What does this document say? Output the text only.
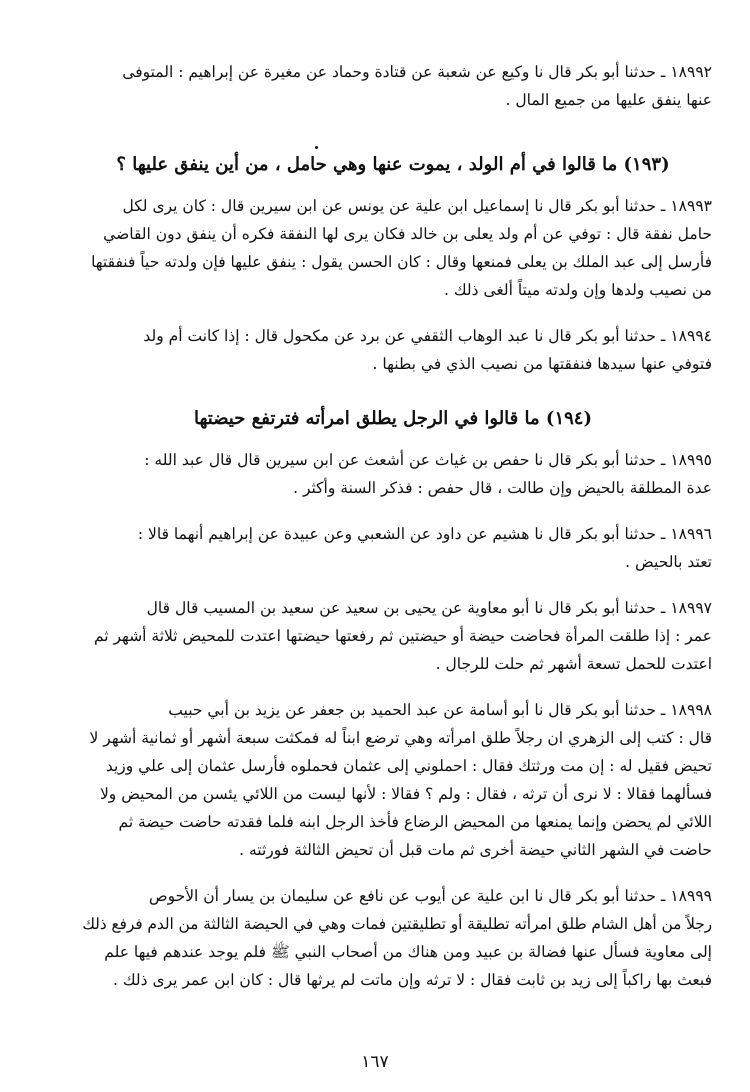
١٨٩٩٢ ـ حدثنا أبو بكر قال نا وكيع عن شعبة عن قتادة وحماد عن مغيرة عن إبراهيم : المتوفى
عنها ينفق عليها من جميع المال .

(١٩٣) ما قالوا في أم الولد ، يموت عنها وهي حامل ، من أين ينفق عليها ؟

١٨٩٩٣ ـ حدثنا أبو بكر قال نا إسماعيل ابن علية عن يونس عن ابن سيرين قال : كان يرى لكل
حامل نفقة قال : توفي عن أم ولد يعلى بن خالد فكان يرى لها النفقة فكره أن ينفق دون القاضي
فأرسل إلى عبد الملك بن يعلى فمنعها وقال : كان الحسن يقول : ينفق عليها فإن ولدته حياً فنفقتها
من نصيب ولدها وإن ولدته ميتاً ألغى ذلك .

١٨٩٩٤ ـ حدثنا أبو بكر قال نا عبد الوهاب الثقفي عن برد عن مكحول قال : إذا كانت أم ولد
فتوفي عنها سيدها فنفقتها من نصيب الذي في بطنها .

(١٩٤) ما قالوا في الرجل يطلق امرأته فترتفع حيضتها

١٨٩٩٥ ـ حدثنا أبو بكر قال نا حفص بن غياث عن أشعث عن ابن سيرين قال قال عبد الله :
عدة المطلقة بالحيض وإن طالت ، قال حفص : فذكر السنة وأكثر .

١٨٩٩٦ ـ حدثنا أبو بكر قال نا هشيم عن داود عن الشعبي وعن عبيدة عن إبراهيم أنهما قالا :
تعتد بالحيض .

١٨٩٩٧ ـ حدثنا أبو بكر قال نا أبو معاوية عن يحيى بن سعيد عن سعيد بن المسيب قال قال
عمر : إذا طلقت المرأة فحاضت حيضة أو حيضتين ثم رفعتها حيضتها اعتدت للمحيض ثلاثة أشهر ثم
اعتدت للحمل تسعة أشهر ثم حلت للرجال .

١٨٩٩٨ ـ حدثنا أبو بكر قال نا أبو أسامة عن عبد الحميد بن جعفر عن يزيد بن أبي حبيب
قال : كتب إلى الزهري ان رجلاً طلق امرأته وهي ترضع ابناً له فمكثت سبعة أشهر أو ثمانية أشهر لا
تحيض فقيل له : إن مت ورثتك فقال : احملوني إلى عثمان فحملوه فأرسل عثمان إلى علي وزيد
فسألهما فقالا : لا نرى أن ترثه ، فقال : ولم ؟ فقالا : لأنها ليست من اللائي يئسن من المحيض ولا
اللائي لم يحضن وإنما يمنعها من المحيض الرضاع فأخذ الرجل ابنه فلما فقدته حاضت حيضة ثم
حاضت في الشهر الثاني حيضة أخرى ثم مات قبل أن تحيض الثالثة فورثته .

١٨٩٩٩ ـ حدثنا أبو بكر قال نا ابن علية عن أيوب عن نافع عن سليمان بن يسار أن الأحوص
رجلاً من أهل الشام طلق امرأته تطليقة أو تطليقتين فمات وهي في الحيضة الثالثة من الدم فرفع ذلك
إلى معاوية فسأل عنها فضالة بن عبيد ومن هناك من أصحاب النبي ﷺ فلم يوجد عندهم فيها علم
فبعث بها راكباً إلى زيد بن ثابت فقال : لا ترثه وإن ماتت لم يرثها قال : كان ابن عمر يرى ذلك .

١٦٧
